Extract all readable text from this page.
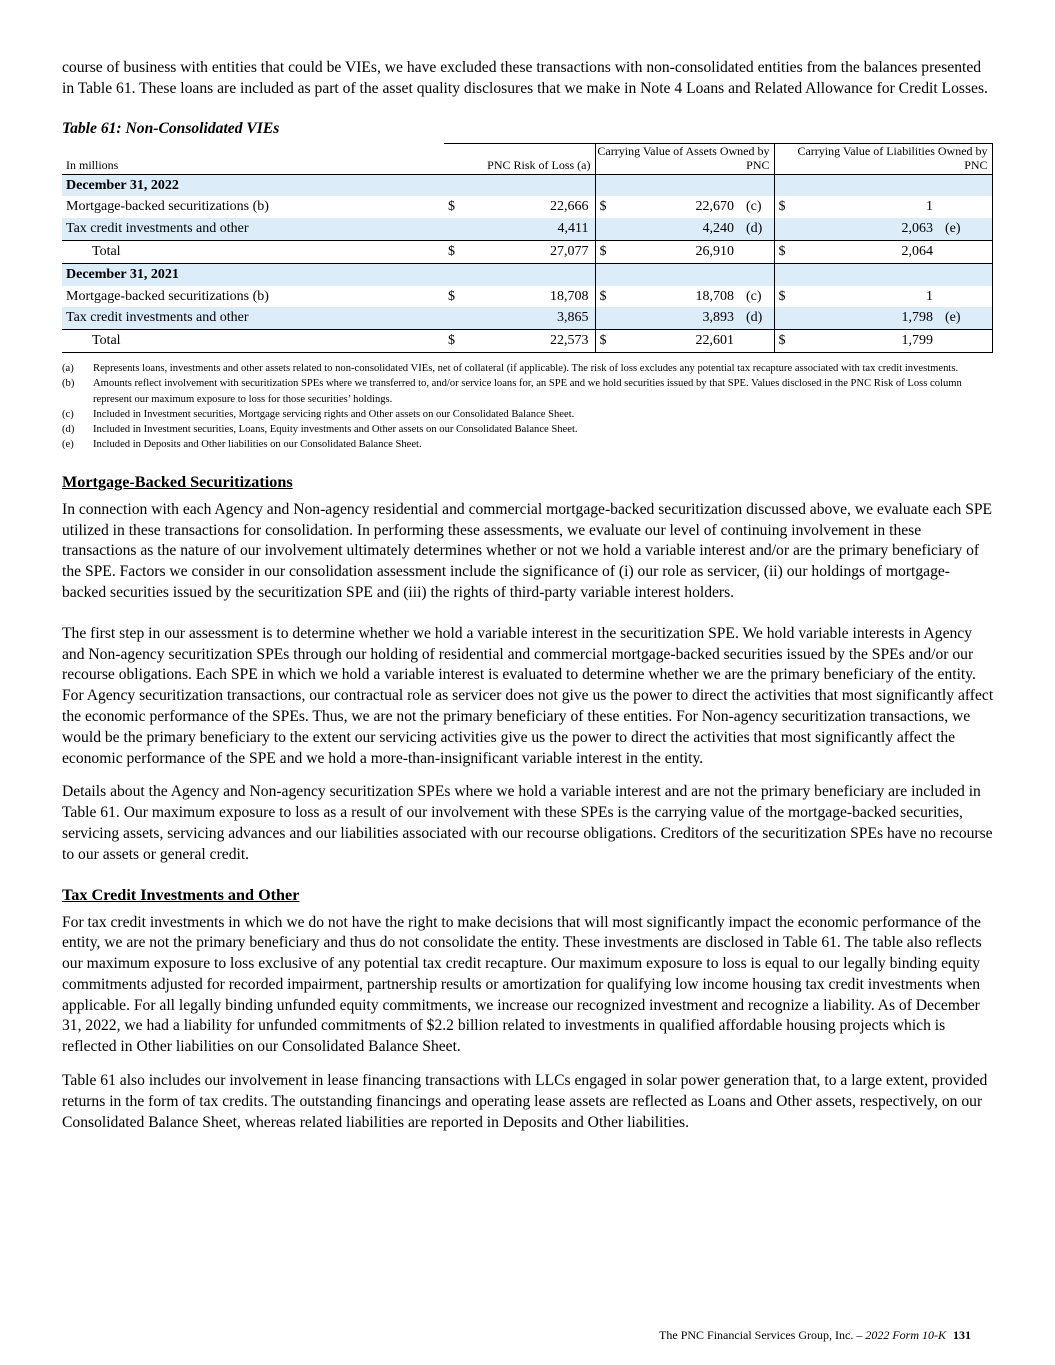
course of business with entities that could be VIEs, we have excluded these transactions with non-consolidated entities from the balances presented in Table 61. These loans are included as part of the asset quality disclosures that we make in Note 4 Loans and Related Allowance for Credit Losses.

Table 61: Non-Consolidated VIEs
In millions	PNC Risk of Loss (a)		Carrying Value of Assets Owned by PNC			Carrying Value of Liabilities Owned by PNC		
December 31, 2022								
Mortgage-backed securitizations (b)	$	22,666	$	22,670	(c)	$	1	
Tax credit investments and other		4,411		4,240	(d)		2,063	(e)
Total	$	27,077	$	26,910		$	2,064	
December 31, 2021								
Mortgage-backed securitizations (b)	$	18,708	$	18,708	(c)	$	1	
Tax credit investments and other		3,865		3,893	(d)		1,798	(e)
Total	$	22,573	$	22,601		$	1,799	
(a)	Represents loans, investments and other assets related to non-consolidated VIEs, net of collateral (if applicable). The risk of loss excludes any potential tax recapture associated with tax credit investments.
(b)	Amounts reflect involvement with securitization SPEs where we transferred to, and/or service loans for, an SPE and we hold securities issued by that SPE. Values disclosed in the PNC Risk of Loss column represent our maximum exposure to loss for those securities’ holdings.
(c)	Included in Investment securities, Mortgage servicing rights and Other assets on our Consolidated Balance Sheet.
(d)	Included in Investment securities, Loans, Equity investments and Other assets on our Consolidated Balance Sheet.
(e)	Included in Deposits and Other liabilities on our Consolidated Balance Sheet.
Mortgage-Backed Securitizations

In connection with each Agency and Non-agency residential and commercial mortgage-backed securitization discussed above, we evaluate each SPE utilized in these transactions for consolidation. In performing these assessments, we evaluate our level of continuing involvement in these transactions as the nature of our involvement ultimately determines whether or not we hold a variable interest and/or are the primary beneficiary of the SPE. Factors we consider in our consolidation assessment include the significance of (i) our role as servicer, (ii) our holdings of mortgage-backed securities issued by the securitization SPE and (iii) the rights of third-party variable interest holders.

The first step in our assessment is to determine whether we hold a variable interest in the securitization SPE. We hold variable interests in Agency and Non-agency securitization SPEs through our holding of residential and commercial mortgage-backed securities issued by the SPEs and/or our recourse obligations. Each SPE in which we hold a variable interest is evaluated to determine whether we are the primary beneficiary of the entity. For Agency securitization transactions, our contractual role as servicer does not give us the power to direct the activities that most significantly affect the economic performance of the SPEs. Thus, we are not the primary beneficiary of these entities. For Non-agency securitization transactions, we would be the primary beneficiary to the extent our servicing activities give us the power to direct the activities that most significantly affect the economic performance of the SPE and we hold a more-than-insignificant variable interest in the entity.

Details about the Agency and Non-agency securitization SPEs where we hold a variable interest and are not the primary beneficiary are included in Table 61. Our maximum exposure to loss as a result of our involvement with these SPEs is the carrying value of the mortgage-backed securities, servicing assets, servicing advances and our liabilities associated with our recourse obligations. Creditors of the securitization SPEs have no recourse to our assets or general credit.

Tax Credit Investments and Other

For tax credit investments in which we do not have the right to make decisions that will most significantly impact the economic performance of the entity, we are not the primary beneficiary and thus do not consolidate the entity. These investments are disclosed in Table 61. The table also reflects our maximum exposure to loss exclusive of any potential tax credit recapture. Our maximum exposure to loss is equal to our legally binding equity commitments adjusted for recorded impairment, partnership results or amortization for qualifying low income housing tax credit investments when applicable. For all legally binding unfunded equity commitments, we increase our recognized investment and recognize a liability. As of December 31, 2022, we had a liability for unfunded commitments of $2.2 billion related to investments in qualified affordable housing projects which is reflected in Other liabilities on our Consolidated Balance Sheet.

Table 61 also includes our involvement in lease financing transactions with LLCs engaged in solar power generation that, to a large extent, provided returns in the form of tax credits. The outstanding financings and operating lease assets are reflected as Loans and Other assets, respectively, on our Consolidated Balance Sheet, whereas related liabilities are reported in Deposits and Other liabilities.

The PNC Financial Services Group, Inc. – 2022 Form 10-K 131
